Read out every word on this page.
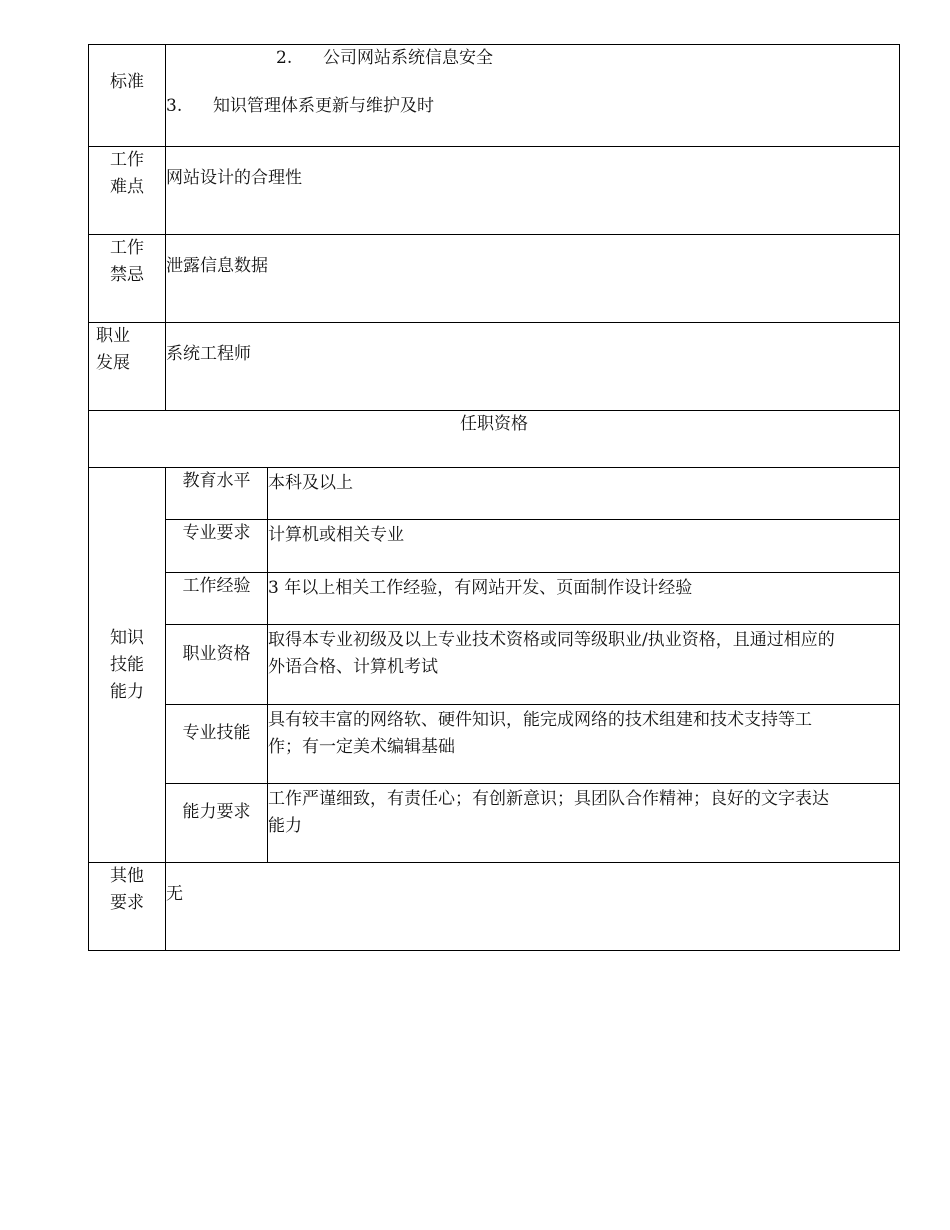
标准	2. 公司网站系统信息安全
3. 知识管理体系更新与维护及时	

工作
难点	网站设计的合理性	

工作
禁忌	泄露信息数据	

职业
发展	系统工程师	
任职资格		

知识
技能
能力	教育水平	本科及以上
	专业要求	计算机或相关专业
	工作经验	3 年以上相关工作经验，有网站开发、页面制作设计经验
	职业资格	取得本专业初级及以上专业技术资格或同等级职业/执业资格，且通过相应的
外语合格、计算机考试

	专业技能	具有较丰富的网络软、硬件知识，能完成网络的技术组建和技术支持等工
作；有一定美术编辑基础

	能力要求	工作严谨细致，有责任心；有创新意识；具团队合作精神；良好的文字表达
能力

其他
要求	无	
